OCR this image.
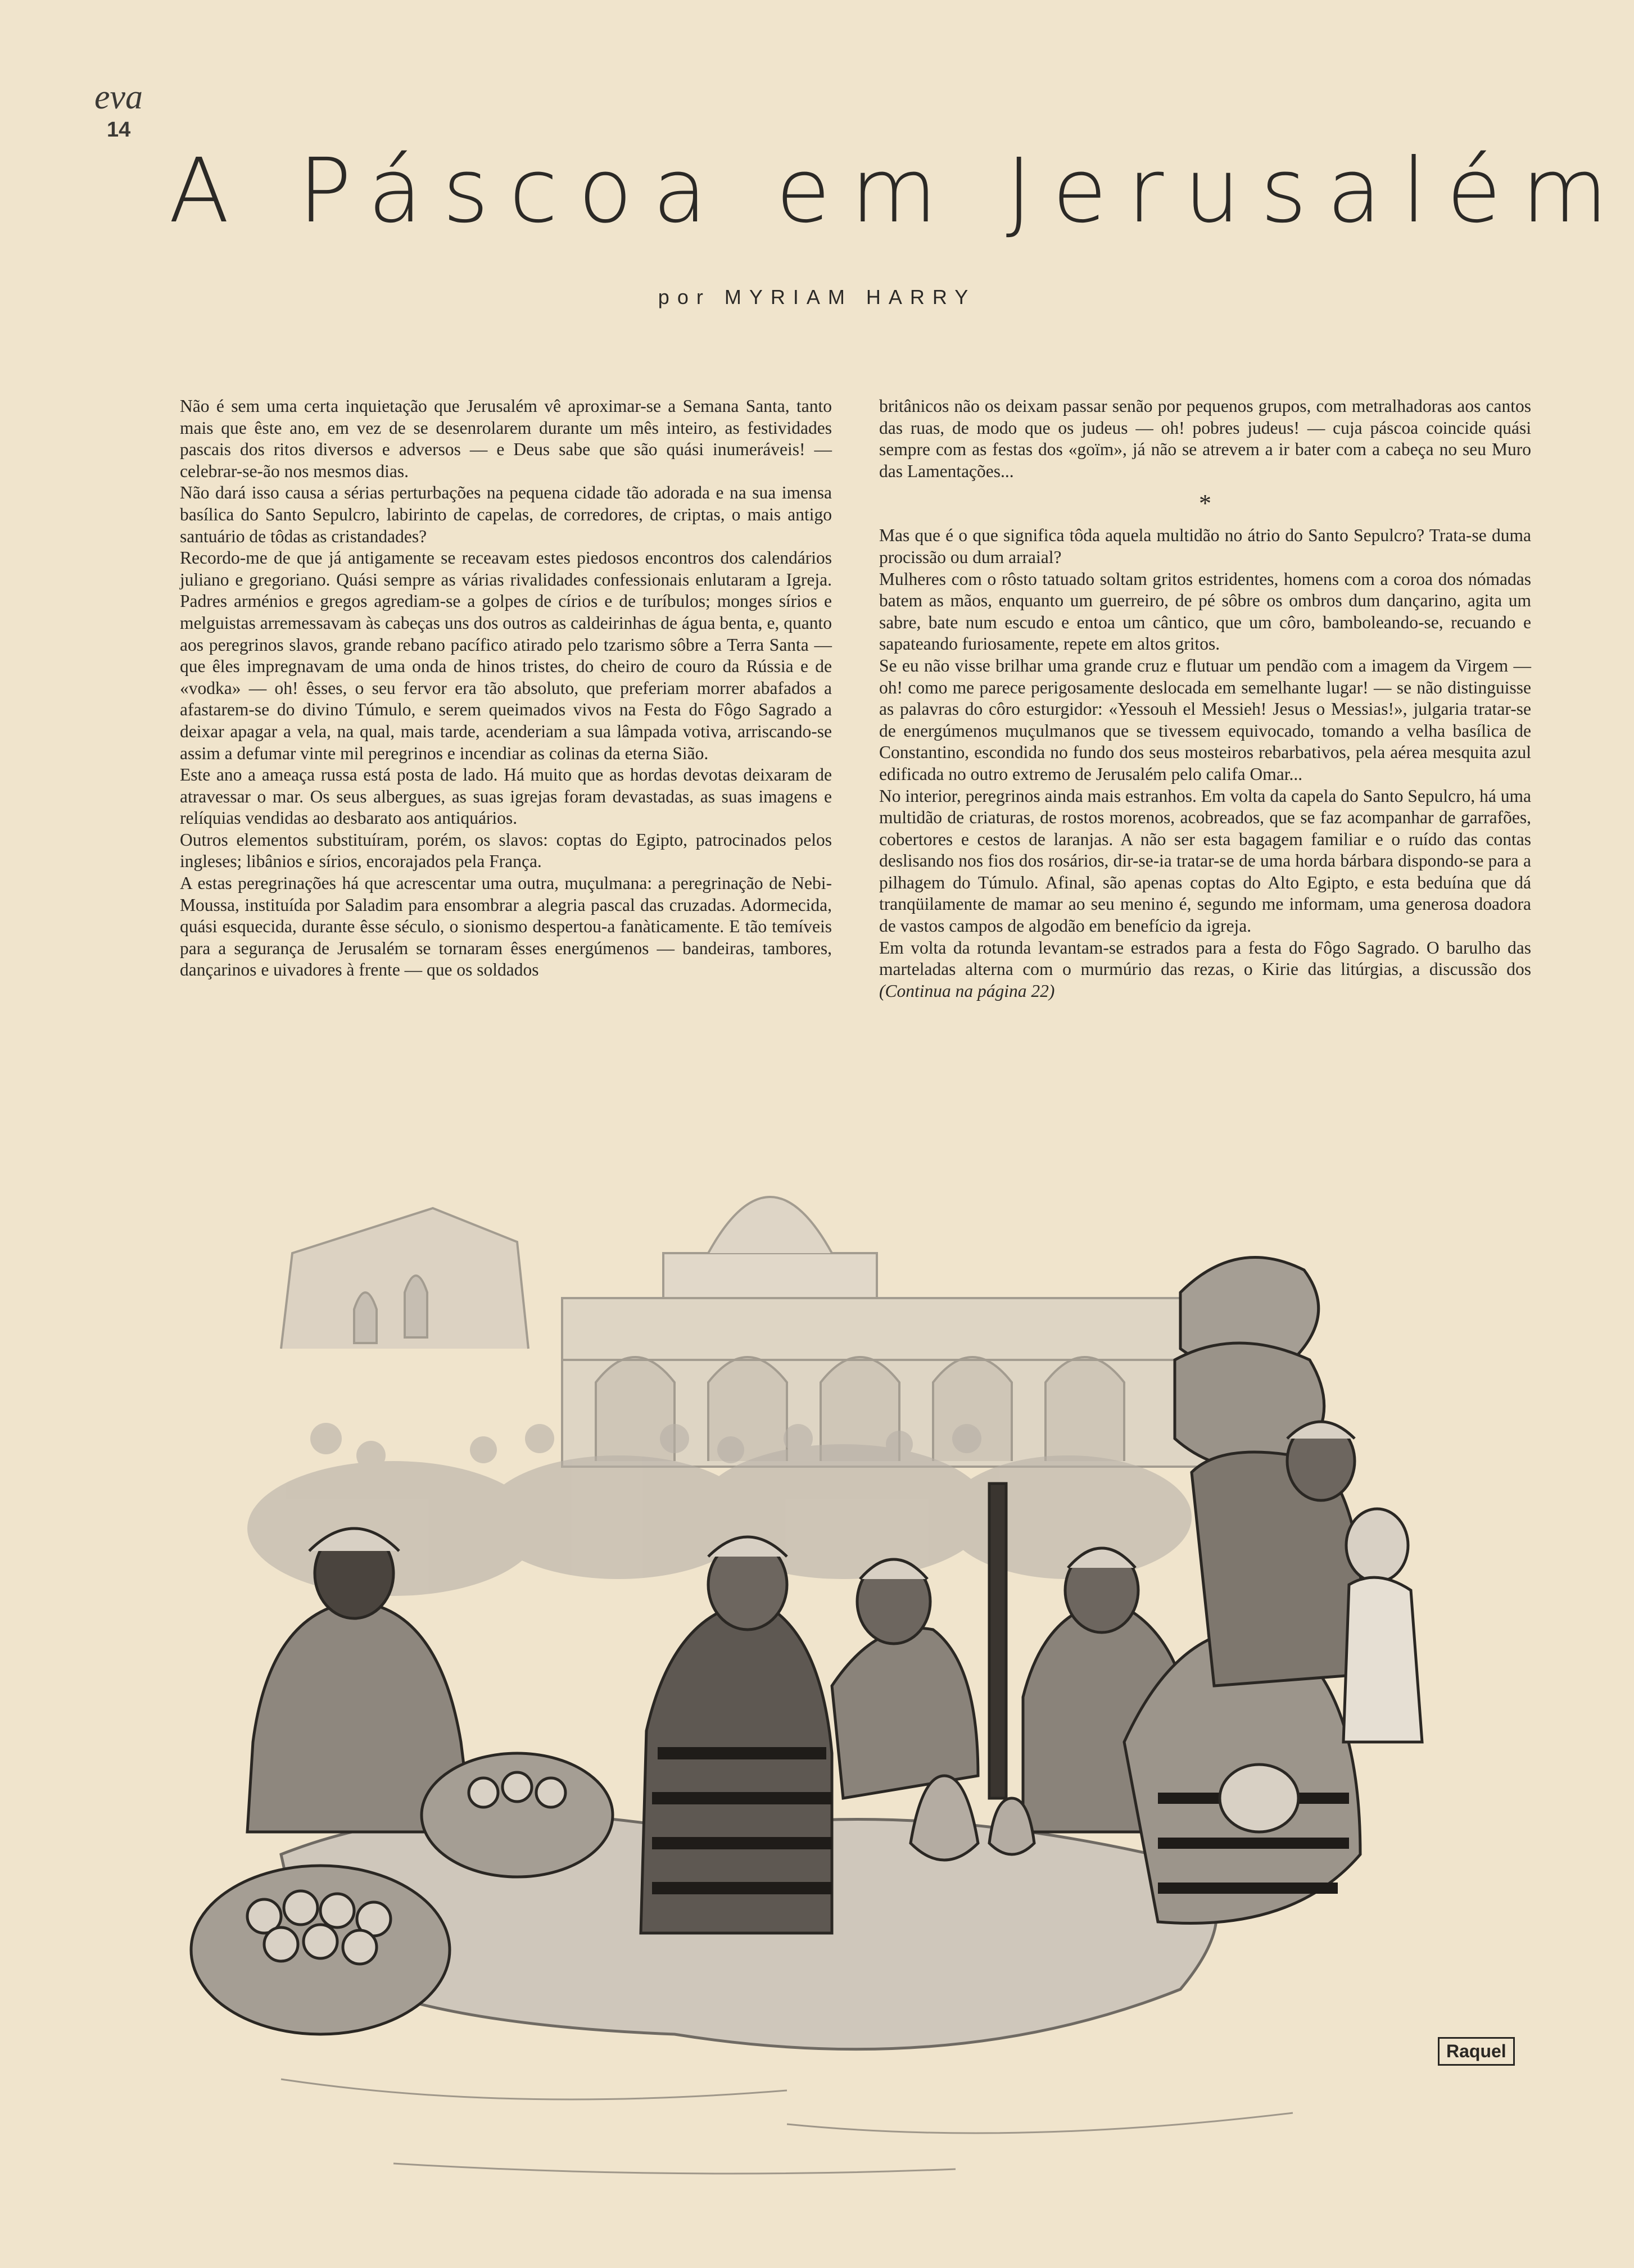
eva
14
A Páscoa em Jerusalém
por MYRIAM HARRY

Não é sem uma certa inquietação que Jerusalém vê aproximar-se a Semana Santa, tanto mais que êste ano, em vez de se desenrolarem durante um mês inteiro, as festividades pascais dos ritos diversos e adversos — e Deus sabe que são quási inumeráveis! — celebrar-se-ão nos mesmos dias.

Não dará isso causa a sérias perturbações na pequena cidade tão adorada e na sua imensa basílica do Santo Sepulcro, labirinto de capelas, de corredores, de criptas, o mais antigo santuário de tôdas as cristandades?

Recordo-me de que já antigamente se receavam estes piedosos encontros dos calendários juliano e gregoriano. Quási sempre as várias rivalidades confessionais enlutaram a Igreja. Padres arménios e gregos agrediam-se a golpes de círios e de turíbulos; monges sírios e melguistas arremessavam às cabeças uns dos outros as caldeirinhas de água benta, e, quanto aos peregrinos slavos, grande rebano pacífico atirado pelo tzarismo sôbre a Terra Santa — que êles impregnavam de uma onda de hinos tristes, do cheiro de couro da Rússia e de «vodka» — oh! êsses, o seu fervor era tão absoluto, que preferiam morrer abafados a afastarem-se do divino Túmulo, e serem queimados vivos na Festa do Fôgo Sagrado a deixar apagar a vela, na qual, mais tarde, acenderiam a sua lâmpada votiva, arriscando-se assim a defumar vinte mil peregrinos e incendiar as colinas da eterna Sião.

Este ano a ameaça russa está posta de lado. Há muito que as hordas devotas deixaram de atravessar o mar. Os seus albergues, as suas igrejas foram devastadas, as suas imagens e relíquias vendidas ao desbarato aos antiquários.

Outros elementos substituíram, porém, os slavos: coptas do Egipto, patrocinados pelos ingleses; libânios e sírios, encorajados pela França.

A estas peregrinações há que acrescentar uma outra, muçulmana: a peregrinação de Nebi-Moussa, instituída por Saladim para ensombrar a alegria pascal das cruzadas. Adormecida, quási esquecida, durante êsse século, o sionismo despertou-a fanàticamente. E tão temíveis para a segurança de Jerusalém se tornaram êsses energúmenos — bandeiras, tambores, dançarinos e uivadores à frente — que os soldados

britânicos não os deixam passar senão por pequenos grupos, com metralhadoras aos cantos das ruas, de modo que os judeus — oh! pobres judeus! — cuja páscoa coincide quási sempre com as festas dos «goïm», já não se atrevem a ir bater com a cabeça no seu Muro das Lamentações...

*

Mas que é o que significa tôda aquela multidão no átrio do Santo Sepulcro? Trata-se duma procissão ou dum arraial?

Mulheres com o rôsto tatuado soltam gritos estridentes, homens com a coroa dos nómadas batem as mãos, enquanto um guerreiro, de pé sôbre os ombros dum dançarino, agita um sabre, bate num escudo e entoa um cântico, que um côro, bamboleando-se, recuando e sapateando furiosamente, repete em altos gritos.

Se eu não visse brilhar uma grande cruz e flutuar um pendão com a imagem da Virgem — oh! como me parece perigosamente deslocada em semelhante lugar! — se não distinguisse as palavras do côro esturgidor: «Yessouh el Messieh! Jesus o Messias!», julgaria tratar-se de energúmenos muçulmanos que se tivessem equivocado, tomando a velha basílica de Constantino, escondida no fundo dos seus mosteiros rebarbativos, pela aérea mesquita azul edificada no outro extremo de Jerusalém pelo califa Omar...

No interior, peregrinos ainda mais estranhos. Em volta da capela do Santo Sepulcro, há uma multidão de criaturas, de rostos morenos, acobreados, que se faz acompanhar de garrafões, cobertores e cestos de laranjas. A não ser esta bagagem familiar e o ruído das contas deslisando nos fios dos rosários, dir-se-ia tratar-se de uma horda bárbara dispondo-se para a pilhagem do Túmulo. Afinal, são apenas coptas do Alto Egipto, e esta beduína que dá tranqüilamente de mamar ao seu menino é, segundo me informam, uma generosa doadora de vastos campos de algodão em benefício da igreja.

Em volta da rotunda levantam-se estrados para a festa do Fôgo Sagrado. O barulho das marteladas alterna com o murmúrio das rezas, o Kirie das litúrgias, a discussão dos (Continua na página 22)

Raquel
